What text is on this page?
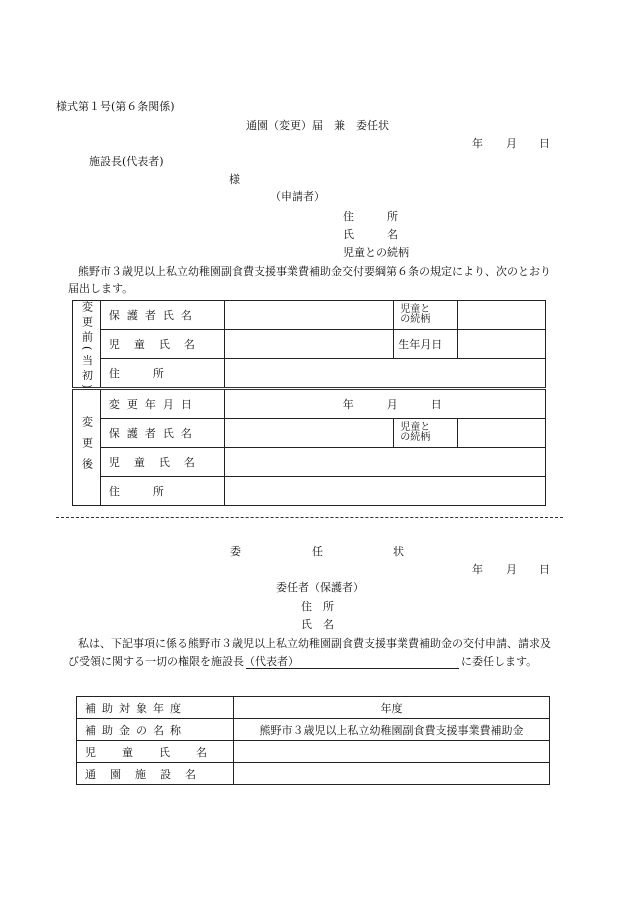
様式第１号(第６条関係)
通園（変更）届　兼　委任状
年 月 日
施設長(代表者)
様
（申請者）
住　　　所
氏　　　名
児童との続柄
熊野市３歳児以上私立幼稚園副食費支援事業費補助金交付要綱第６条の規定により、次のとおり
届出します。
変更前(当初)	保護者氏名		児童と
の続柄	

	児童氏名		生年月日	
	住　　　所			
変更後	変更年月日	年　　　月　　　日		
	保護者氏名		児童と
の続柄	

	児童氏名			
	住　　　所			
委	任	状
年 月 日
委任者（保護者）
住　所
氏　名
私は、下記事項に係る熊野市３歳児以上私立幼稚園副食費支援事業費補助金の交付申請、請求及
び受領に関する一切の権限を施設長（代表者）	に委任します。
補助対象年度	年度
補助金の名称	熊野市３歳児以上私立幼稚園副食費支援事業費補助金
児童氏名	
通園施設名	
